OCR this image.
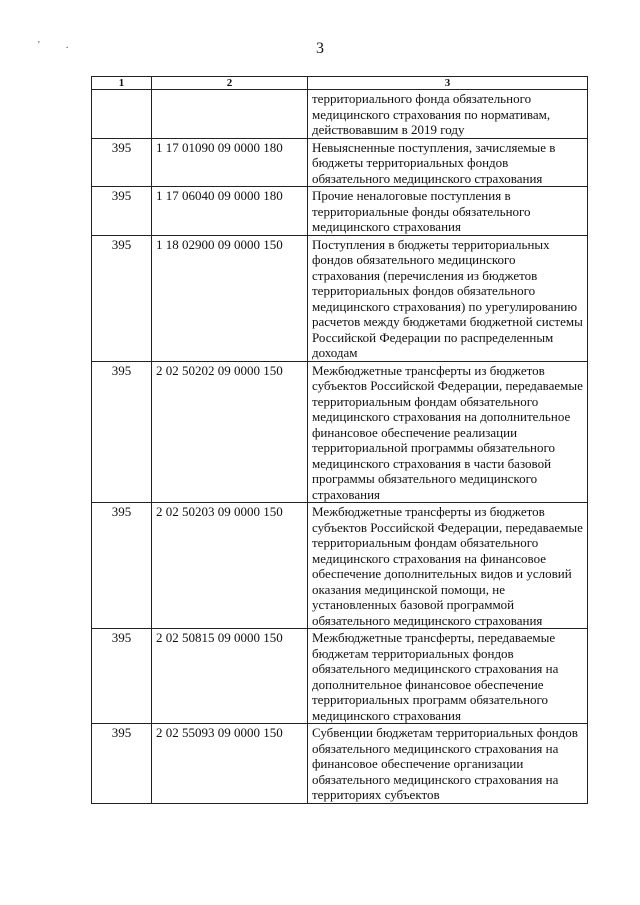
'.	3
1	2	3
		территориального фонда обязательного медицинского страхования по нормативам, действовавшим в 2019 году
395	1 17 01090 09 0000 180	Невыясненные поступления, зачисляемые в бюджеты территориальных фондов обязательного медицинского страхования
395	1 17 06040 09 0000 180	Прочие неналоговые поступления в территориальные фонды обязательного медицинского страхования
395	1 18 02900 09 0000 150	Поступления в бюджеты территориальных фондов обязательного медицинского страхования (перечисления из бюджетов территориальных фондов обязательного медицинского страхования) по урегулированию расчетов между бюджетами бюджетной системы Российской Федерации по распределенным доходам
395	2 02 50202 09 0000 150	Межбюджетные трансферты из бюджетов субъектов Российской Федерации, передаваемые территориальным фондам обязательного медицинского страхования на дополнительное финансовое обеспечение реализации территориальной программы обязательного медицинского страхования в части базовой программы обязательного медицинского страхования
395	2 02 50203 09 0000 150	Межбюджетные трансферты из бюджетов субъектов Российской Федерации, передаваемые территориальным фондам обязательного медицинского страхования на финансовое обеспечение дополнительных видов и условий оказания медицинской помощи, не установленных базовой программой обязательного медицинского страхования
395	2 02 50815 09 0000 150	Межбюджетные трансферты, передаваемые бюджетам территориальных фондов обязательного медицинского страхования на дополнительное финансовое обеспечение территориальных программ обязательного медицинского страхования
395	2 02 55093 09 0000 150	Субвенции бюджетам территориальных фондов обязательного медицинского страхования на финансовое обеспечение организации обязательного медицинского страхования на территориях субъектов
